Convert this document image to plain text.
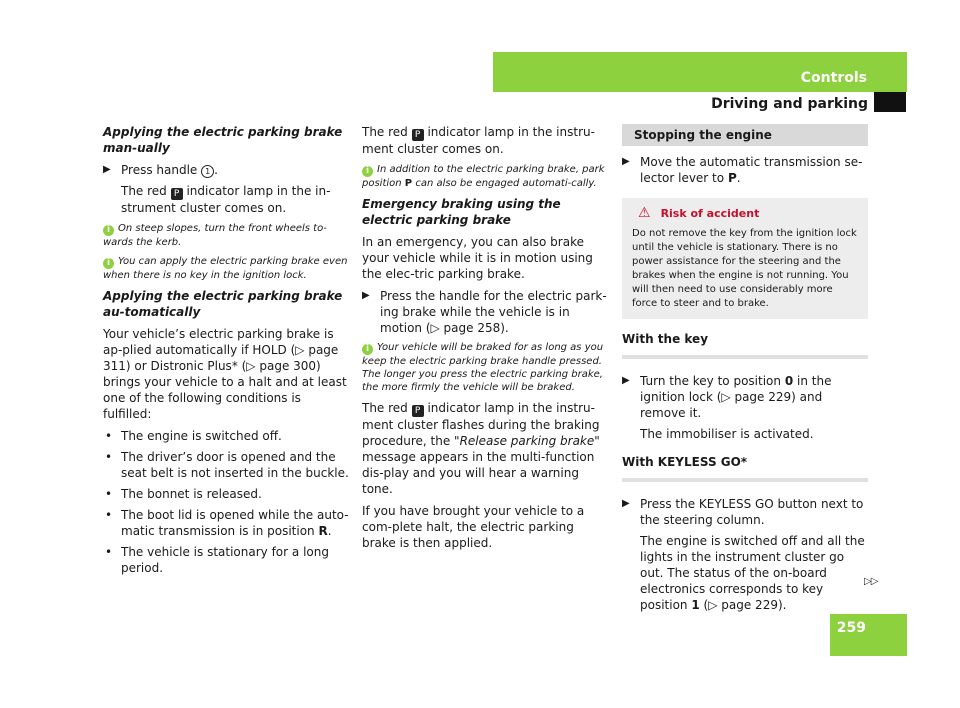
Controls
Driving and parking
Applying the electric parking brake man-ually
▶ Press handle 1 .
The red P indicator lamp in the in-strument cluster comes on.
i On steep slopes, turn the front wheels to-wards the kerb.
i You can apply the electric parking brake even when there is no key in the ignition lock.
Applying the electric parking brake au-tomatically

Your vehicle’s electric parking brake is ap-plied automatically if HOLD (▷ page 311) or Distronic Plus* (▷ page 300) brings your vehicle to a halt and at least one of the following conditions is fulfilled:

• The engine is switched off.
• The driver’s door is opened and the seat belt is not inserted in the buckle.
• The bonnet is released.
• The boot lid is opened while the auto-matic transmission is in position R.
• The vehicle is stationary for a long period.

The red P indicator lamp in the instru-ment cluster comes on.

i In addition to the electric parking brake, park position P can also be engaged automati-cally.
Emergency braking using the electric parking brake

In an emergency, you can also brake your vehicle while it is in motion using the elec-tric parking brake.

▶ Press the handle for the electric park-ing brake while the vehicle is in motion (▷ page 258).
i Your vehicle will be braked for as long as you keep the electric parking brake handle pressed. The longer you press the electric parking brake, the more firmly the vehicle will be braked.

The red P indicator lamp in the instru-ment cluster flashes during the braking procedure, the "Release parking brake" message appears in the multi-function dis-play and you will hear a warning tone.

If you have brought your vehicle to a com-plete halt, the electric parking brake is then applied.

Stopping the engine
▶ Move the automatic transmission se-lector lever to P.
⚠ Risk of accident
Do not remove the key from the ignition lock until the vehicle is stationary. There is no power assistance for the steering and the brakes when the engine is not running. You will then need to use considerably more force to steer and to brake.
With the key
▶ Turn the key to position 0 in the ignition lock (▷ page 229) and remove it.
The immobiliser is activated.
With KEYLESS GO*
▶ Press the KEYLESS GO button next to the steering column.
The engine is switched off and all the lights in the instrument cluster go out. The status of the on-board electronics corresponds to key position 1 (▷ page 229).
▷▷
259
